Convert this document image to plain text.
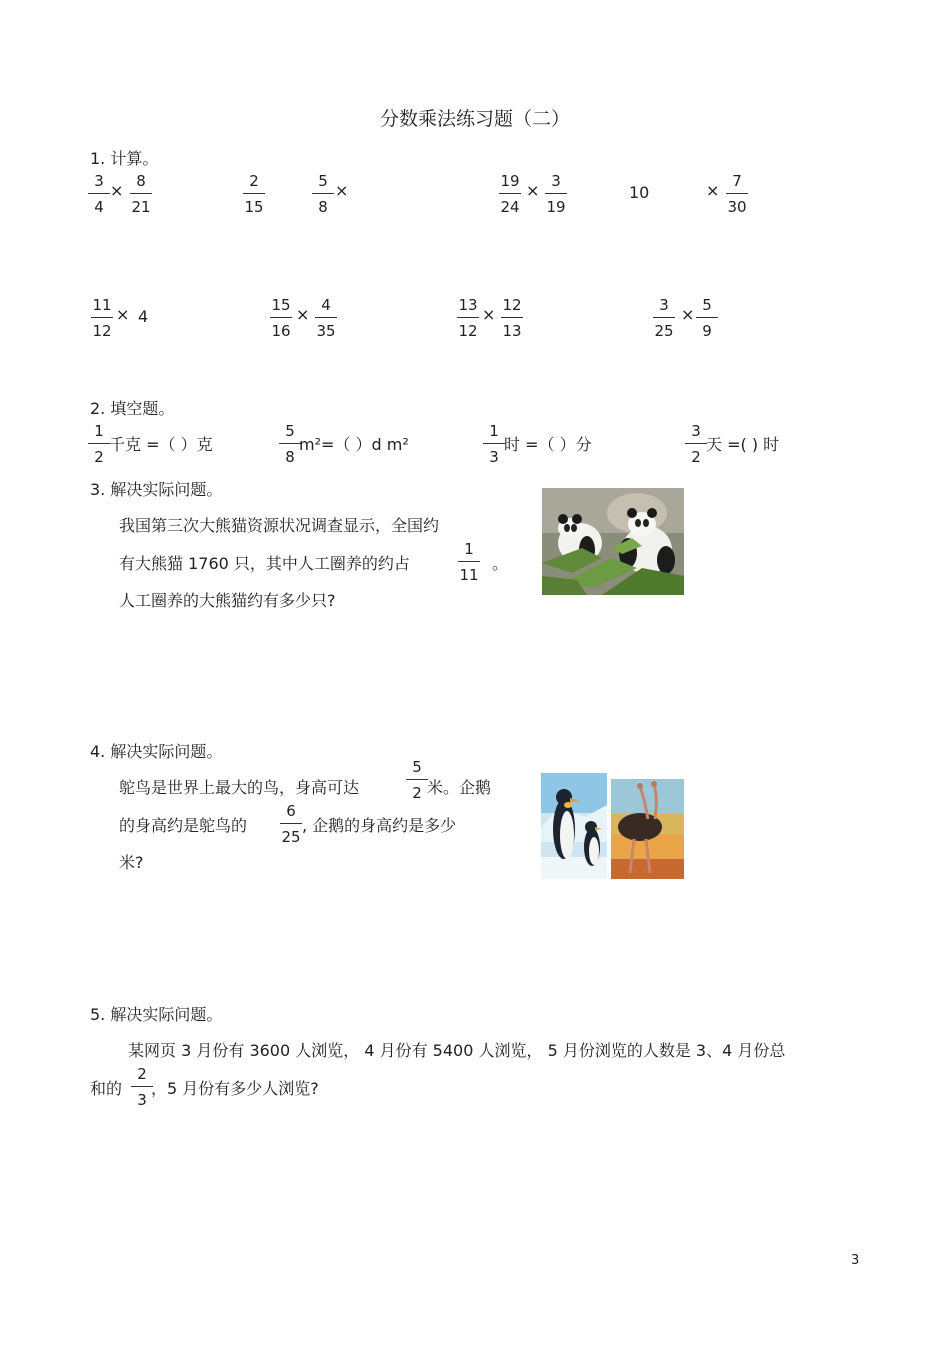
分数乘法练习题（二）
1. 计算。
3
4
× 8
21
2
15
5
8
×	19
24
× 3
19
10	× 7
30
11
12
× 4
15
16
× 4
35
13
12
× 12
13
3
25
× 5
9
2. 填空题。
1
2
千克 =（ ）克
5
8
m²=（ ）d m²
1
3
时 =（ ）分
3
2
天 =( ) 时
3. 解决实际问题。
我国第三次大熊猫资源状况调查显示，全国约
有大熊猫 1760 只，其中人工圈养的约占
1
11
。
人工圈养的大熊猫约有多少只?
4. 解决实际问题。
鸵鸟是世界上最大的鸟，身高可达
5
2 米。企鹅
的身高约是鸵鸟的
6
25
, 企鹅的身高约是多少
米?
5. 解决实际问题。
某网页 3 月份有 3600 人浏览， 4 月份有 5400 人浏览， 5 月份浏览的人数是 3、4 月份总
和的
2
3
，5 月份有多少人浏览?
3
